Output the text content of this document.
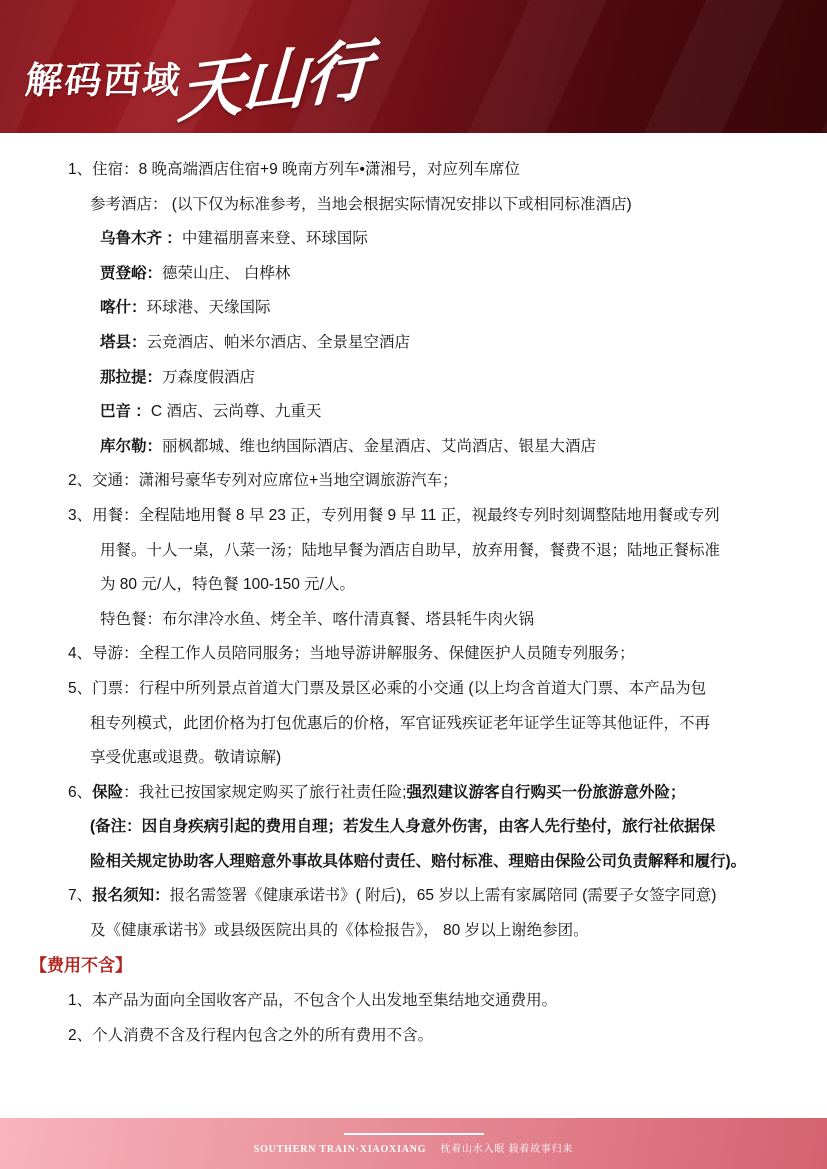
解码西域天山行

1、住宿：8 晚高端酒店住宿+9 晚南方列车•潇湘号，对应列车席位

参考酒店： (以下仅为标准参考，当地会根据实际情况安排以下或相同标准酒店)

乌鲁木齐 ：中建福朋喜来登、环球国际

贾登峪：德荣山庄、 白桦林

喀什：环球港、天缘国际

塔县：云竞酒店、帕米尔酒店、全景星空酒店

那拉提：万森度假酒店

巴音 ：C 酒店、云尚尊、九重天

库尔勒：丽枫都城、维也纳国际酒店、金星酒店、艾尚酒店、银星大酒店

2、交通：潇湘号豪华专列对应席位+当地空调旅游汽车；

3、用餐：全程陆地用餐 8 早 23 正，专列用餐 9 早 11 正，视最终专列时刻调整陆地用餐或专列

用餐。十人一桌，八菜一汤；陆地早餐为酒店自助早，放弃用餐，餐费不退；陆地正餐标准

为 80 元/人，特色餐 100-150 元/人。

特色餐：布尔津冷水鱼、烤全羊、喀什清真餐、塔县牦牛肉火锅

4、导游：全程工作人员陪同服务；当地导游讲解服务、保健医护人员随专列服务；

5、门票：行程中所列景点首道大门票及景区必乘的小交通 (以上均含首道大门票、本产品为包

租专列模式，此团价格为打包优惠后的价格，军官证残疾证老年证学生证等其他证件，不再

享受优惠或退费。敬请谅解)

6、保险：我社已按国家规定购买了旅行社责任险;强烈建议游客自行购买一份旅游意外险；

(备注：因自身疾病引起的费用自理；若发生人身意外伤害，由客人先行垫付，旅行社依据保

险相关规定协助客人理赔意外事故具体赔付责任、赔付标准、理赔由保险公司负责解释和履行)。

7、报名须知：报名需签署《健康承诺书》( 附后)，65 岁以上需有家属陪同 (需要子女签字同意)

及《健康承诺书》或县级医院出具的《体检报告》， 80 岁以上谢绝参团。

【费用不含】

1、本产品为面向全国收客产品，不包含个人出发地至集结地交通费用。

2、个人消费不含及行程内包含之外的所有费用不含。

SOUTHERN TRAIN·XIAOXIANG 枕着山水入眠 载着故事归来
